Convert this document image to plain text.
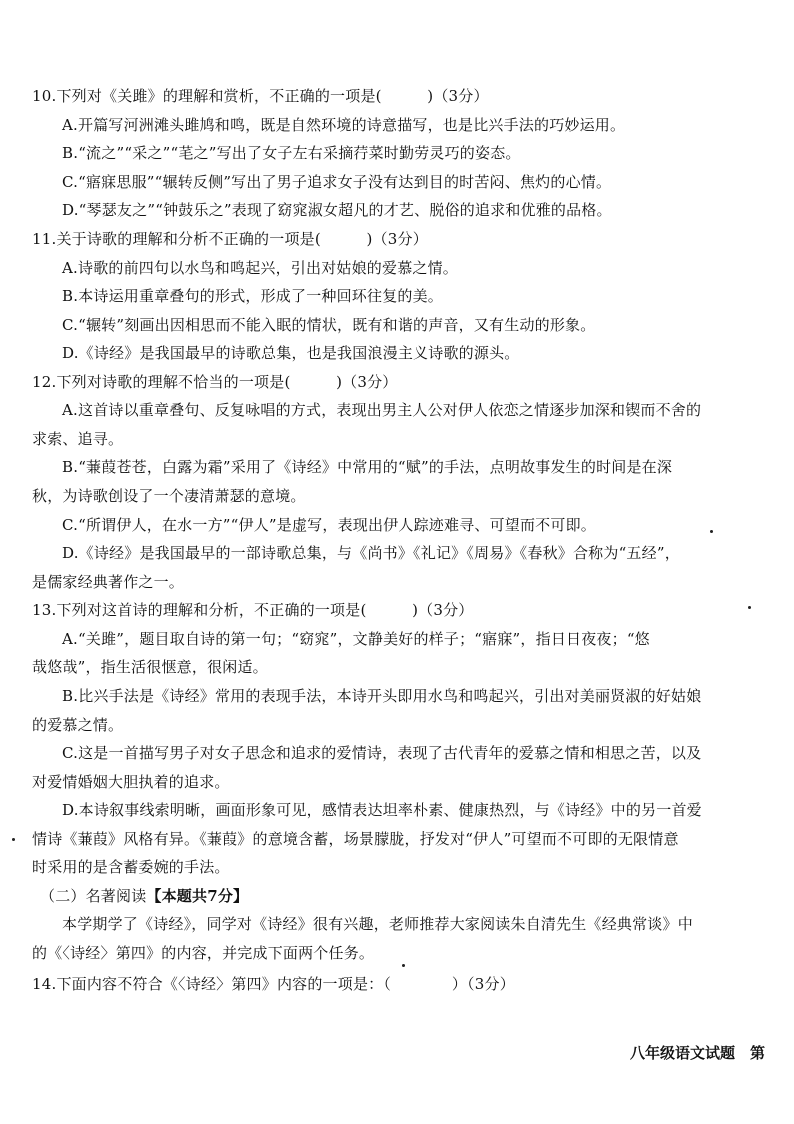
10.下列对《关雎》的理解和赏析，不正确的一项是(　　　)（3分）
A.开篇写河洲滩头雎鸠和鸣，既是自然环境的诗意描写，也是比兴手法的巧妙运用。
B.“流之”“采之”“芼之”写出了女子左右采摘荇菜时勤劳灵巧的姿态。
C.“寤寐思服”“辗转反侧”写出了男子追求女子没有达到目的时苦闷、焦灼的心情。
D.“琴瑟友之”“钟鼓乐之”表现了窈窕淑女超凡的才艺、脱俗的追求和优雅的品格。
11.关于诗歌的理解和分析不正确的一项是(　　　)（3分）
A.诗歌的前四句以水鸟和鸣起兴，引出对姑娘的爱慕之情。
B.本诗运用重章叠句的形式，形成了一种回环往复的美。
C.“辗转”刻画出因相思而不能入眠的情状，既有和谐的声音，又有生动的形象。
D.《诗经》是我国最早的诗歌总集，也是我国浪漫主义诗歌的源头。
12.下列对诗歌的理解不恰当的一项是(　　　)（3分）
A.这首诗以重章叠句、反复咏唱的方式，表现出男主人公对伊人依恋之情逐步加深和锲而不舍的
求索、追寻。
B.“蒹葭苍苍，白露为霜”采用了《诗经》中常用的“赋”的手法，点明故事发生的时间是在深
秋，为诗歌创设了一个凄清萧瑟的意境。
C.“所谓伊人，在水一方”“伊人”是虚写，表现出伊人踪迹难寻、可望而不可即。
D.《诗经》是我国最早的一部诗歌总集，与《尚书》《礼记》《周易》《春秋》合称为“五经”，
是儒家经典著作之一。
13.下列对这首诗的理解和分析，不正确的一项是(　　　)（3分）
A.“关雎”，题目取自诗的第一句；“窈窕”，文静美好的样子；“寤寐”，指日日夜夜；“悠
哉悠哉”，指生活很惬意，很闲适。
B.比兴手法是《诗经》常用的表现手法，本诗开头即用水鸟和鸣起兴，引出对美丽贤淑的好姑娘
的爱慕之情。
C.这是一首描写男子对女子思念和追求的爱情诗，表现了古代青年的爱慕之情和相思之苦，以及
对爱情婚姻大胆执着的追求。
D.本诗叙事线索明晰，画面形象可见，感情表达坦率朴素、健康热烈，与《诗经》中的另一首爱
情诗《蒹葭》风格有异。《蒹葭》的意境含蓄，场景朦胧，抒发对“伊人”可望而不可即的无限情意
时采用的是含蓄委婉的手法。
（二）名著阅读【本题共7分】
本学期学了《诗经》，同学对《诗经》很有兴趣，老师推荐大家阅读朱自清先生《经典常谈》中
的《〈诗经〉第四》的内容，并完成下面两个任务。
14.下面内容不符合《〈诗经〉第四》内容的一项是：（　　　　）（3分）
八年级语文试题　第
